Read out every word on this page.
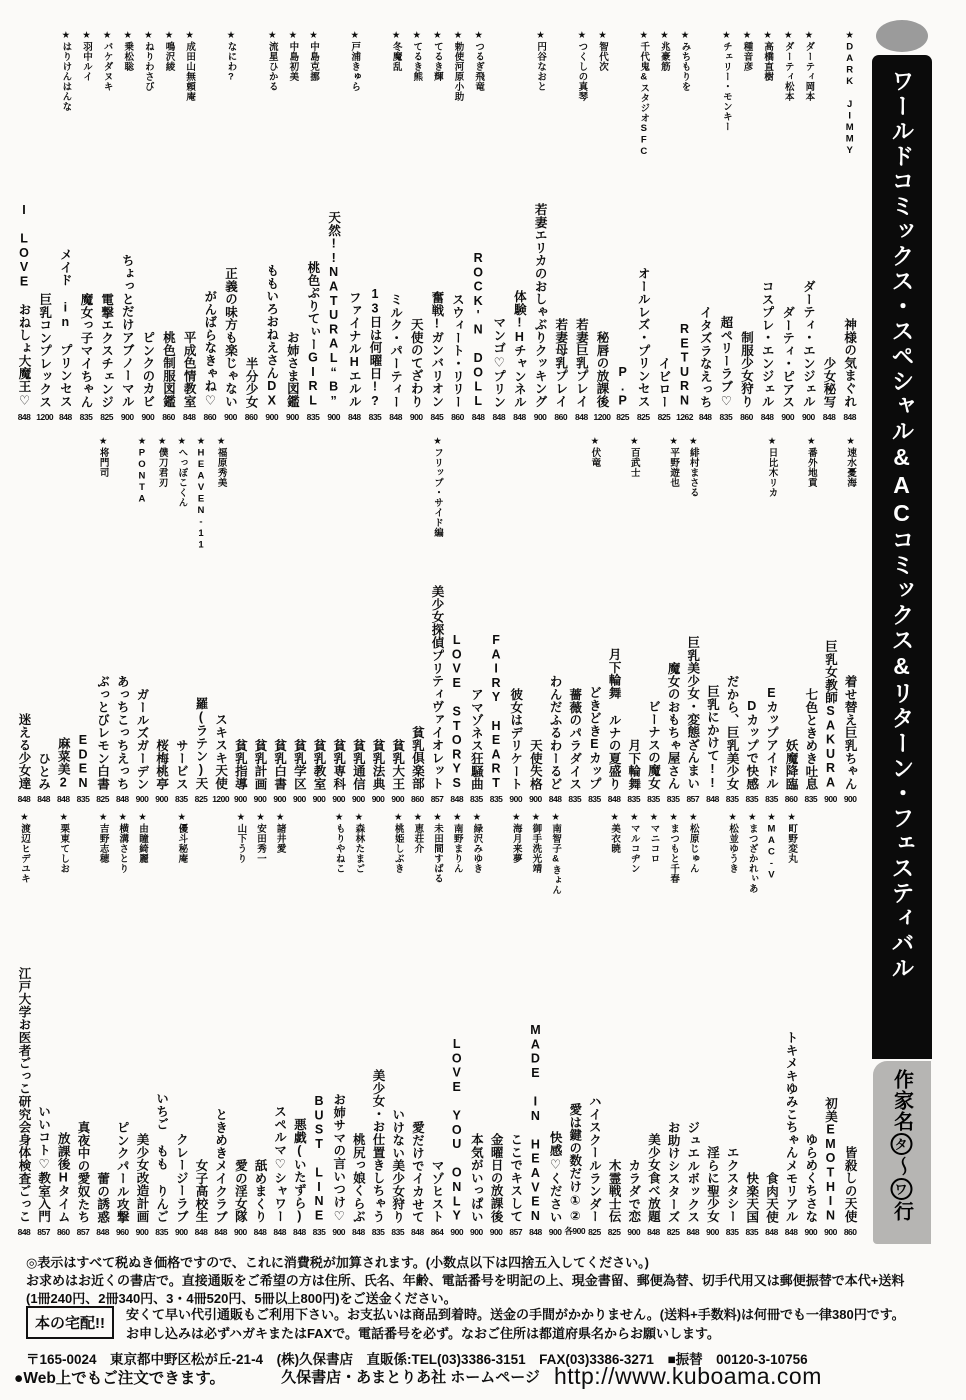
ワールドコミックス・スペシャル&ACコミックス&リターン・フェスティバル
作家名タ～ワ行
★DARK JIMMY
神様の気まぐれ
848
少女秘写
848
★ダーティ岡本
ダーティ・エンジェル
900
★ダーティ松本
ダーティ・ピアス
900
★高橋直樹
コスプレ・エンジェル
848
★種音彦
制服少女狩り
860
★チェリー・モンキー
超ペリーラブ♡
835
イタズラなえっち
848
★みちもりを
RETURN
1262
★兆豪筋
イビロー
825
★千代鬼&スタジオSFC
オールレズ・プリンセス
825
P.P
825
★智代次
秘唇の放課後
1200
★つくしの真琴
若妻巨乳プレイ
848
若妻母乳プレイ
860
★円谷なおと
若妻エリカのおしゃぶりクッキング
900
体験!Hチャンネル
848
マンゴ♡プリン
848
★つるぎ飛竜
ROCK'N DOLL
848
★勅使河原小助
スウィート・リリー
860
★てるき輝
奮戦!ガンバリオン
845
★てるき熊
天使のてざわり
900
★冬魔乱
ミルク・パーティー
848
13日は何曜日!?
835
★戸浦きゅら
ファイナルHエルル
848
天然!!NATURAL“B”
900
★中島克挪
桃色ぷりてぃーGIRL
835
★中島初美
お姉さま図鑑
900
★流星ひかる
ももいろおねえさんDX
900
半分少女
860
★なにわ?
正義の味方も楽じゃない
900
がんばらなきゃね♡
860
★成田山無頼庵
平成色情教室
848
★鳴沢綾
桃色制服図鑑
860
★ねりわさび
ピンクのカビ
900
★乗松聡
ちょっとだけアブノーマル
900
★バケダヌキ
電撃エクスチェンジ
825
★羽中ルイ
魔女っ子マイちゃん
835
★はりけんはんな
メイド in プリンセス
848
巨乳コンプレックス
1200
I LOVE おねしょ大魔王♡
848
★速水憂海
着せ替え巨乳ちゃん
900
巨乳女教師SAKURA
900
★番外地貢
七色ときめき吐息
835
妖魔降臨
860
★日比木リカ
Eカップアイドル
835
Dカップで快感
835
だから、巨乳美少女
835
巨乳にかけて!!
848
★緋村まさる
巨乳美少女・変態ざんまい
857
★平野遊也
魔女のおもちゃ屋さん
835
ビーナスの魔女
835
★百武士
月下輪舞
835
月下輪舞 ルナの夏盛り
848
★伏竜
どきどきEカップ
835
薔薇のパラダイス
835
わんだふるわーるど
848
天使失格
900
彼女はデリケート
900
FAIRY HEART
835
アマゾネス狂騒曲
835
LOVE STORYS
848
★フリップ・サイド編
美少女探偵プリティヴァイオレット
857
貧乳倶楽部
860
貧乳大王
900
貧乳法典
900
貧乳通信
900
貧乳専科
900
貧乳教室
900
貧乳学区
900
貧乳白書
900
貧乳計画
900
貧乳指導
900
★福原秀美
スキスキ天使
1200
★HEAVEN-11
羅(ラテン)天
825
★へっぽこくん
サービス
835
★僕刀君刃
桜梅桃亭
900
★PONTA
ガールズガーデン
900
あっちこっちえっち
848
★将門司
ぶっとびレモン白書
825
EDEN
835
麻菜美2
848
ひとみ
848
迷える少女達
848
皆殺しの天使
860
初美EMOTHIN
900
ゆらめくちさな
900
★町野変丸
トキメキゆみこちゃんメモリアル
848
★MAC-V
食肉天使
848
★まつざかれぃあ
快楽天国
835
★松並ゆうき
エクスタシー
835
淫らに聖少女
900
★松原じゅん
ジュエルボックス
848
★まつもと千春
お助けシスターズ
825
★マニコロ
美少女食べ放題
848
★マルコヂン
カラダで恋
900
★美衣暁
木霊戦士伝
825
ハイスクールランダー
825
愛は鍵の数だけ①②
各900
★南智子&きょん
快感♡ください
900
★御手洗光靖
MADE IN HEAVEN
848
★海月来夢
ここでキスして
857
金曜日の放課後
900
★緑沢みゆき
本気がいっぱい
900
★南野まりん
LOVE YOU ONLY
900
★未田間すばる
マゾヒスト
864
★恵荘介
愛だけでイカせて
848
★桃姫しぶき
いけない美少女狩り
835
美少女・お仕置きしちゃう
835
★森林たまご
桃尻っ娘くらぶ
848
★もりやねこ
お姉サマの言いつけ♡
900
BUST LINE
835
悪戯(いたずら)
848
★諸井愛
スペルマ♡シャワー
848
★安田秀一
舐めまくり
848
★山下うり
愛の淫女隊
900
ときめきメイクラブ
848
女子高校生
848
★優斗秘庵
クレージーラブ
900
いちご もも りんご
835
★由瞳綺麗
美少女改造計画
900
★横溝さとり
ピンクパール攻撃
960
★吉野志穂
蕾の誘惑
848
真夜中の愛奴たち
857
★栗東てしお
放課後Hタイム
860
いいコト♡教室入門
857
★渡辺ヒデユキ
江戸大学お医者ごっこ研究会身体検査ごっこ
848
◎表示はすべて税ぬき価格ですので、これに消費税が加算されます。(小数点以下は四捨五入してください。)
お求めはお近くの書店で。直接通販をご希望の方は住所、氏名、年齢、電話番号を明記の上、現金書留、郵便為替、切手代用又は郵便振替で本代+送料
(1冊240円、2冊340円、3・4冊520円、5冊以上800円)をご送金ください。
本の宅配!!
安くて早い代引通販もご利用下さい。お支払いは商品到着時。送金の手間がかかりません。(送料+手数料)は何冊でも一律380円です。
お申し込みは必ずハガキまたはFAXで。電話番号を必ず。なおご住所は都道府県名からお願いします。
〒165-0024　東京都中野区松が丘-21-4　(株)久保書店　直販係:TEL(03)3386-3151　FAX(03)3386-3271　■振替　00120-3-10756
●Web上でもご注文できます。	久保書店・あまとりあ社 ホームページ http://www.kuboama.com
